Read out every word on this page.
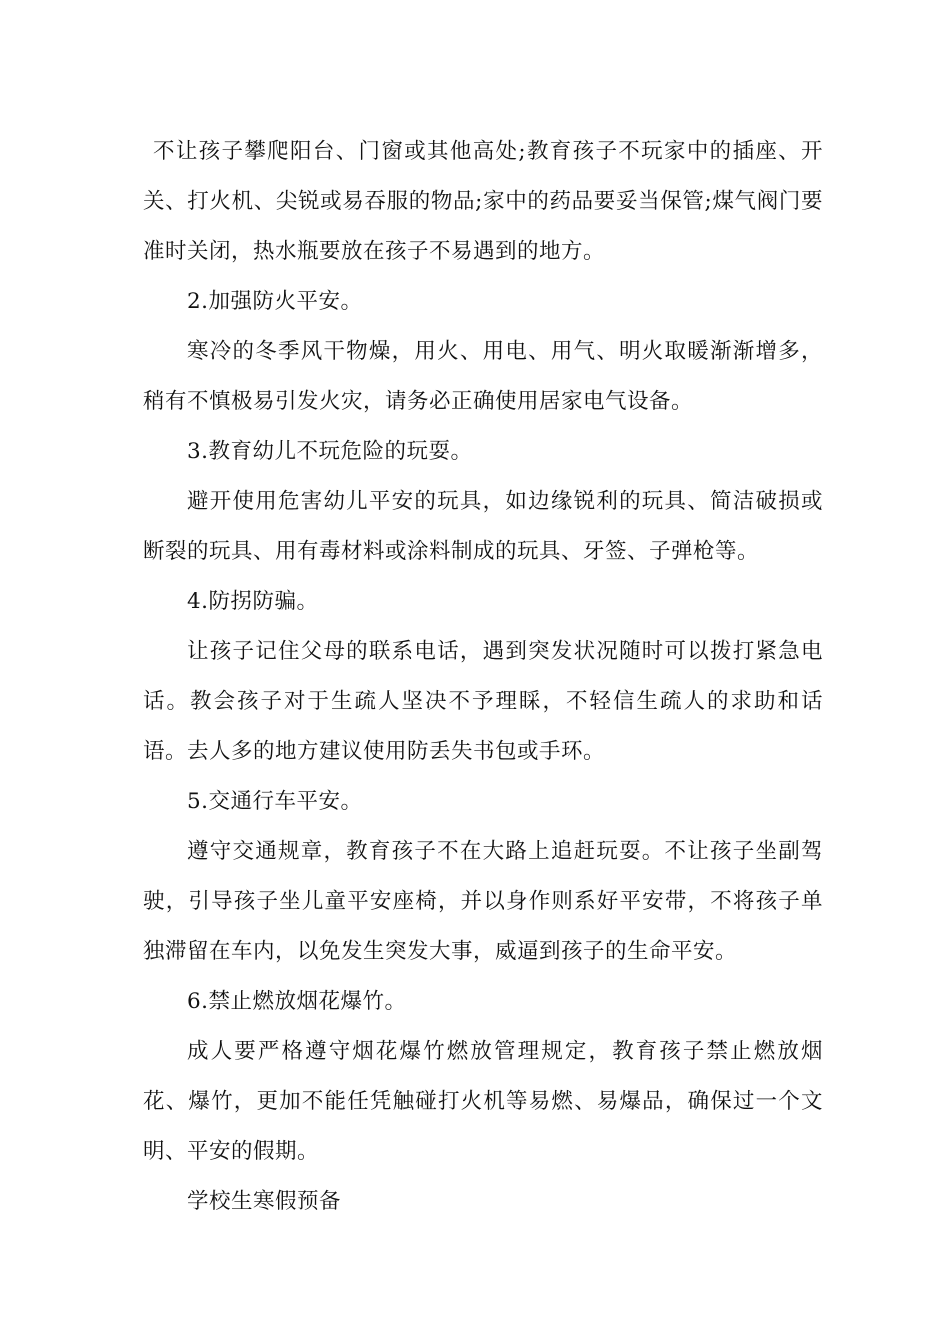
不让孩子攀爬阳台、门窗或其他高处;教育孩子不玩家中的插座、开关、打火机、尖锐或易吞服的物品;家中的药品要妥当保管;煤气阀门要准时关闭，热水瓶要放在孩子不易遇到的地方。

2.加强防火平安。

寒冷的冬季风干物燥，用火、用电、用气、明火取暖渐渐增多，稍有不慎极易引发火灾，请务必正确使用居家电气设备。

3.教育幼儿不玩危险的玩耍。

避开使用危害幼儿平安的玩具，如边缘锐利的玩具、简洁破损或断裂的玩具、用有毒材料或涂料制成的玩具、牙签、子弹枪等。

4.防拐防骗。

让孩子记住父母的联系电话，遇到突发状况随时可以拨打紧急电话。教会孩子对于生疏人坚决不予理睬，不轻信生疏人的求助和话语。去人多的地方建议使用防丢失书包或手环。

5.交通行车平安。

遵守交通规章，教育孩子不在大路上追赶玩耍。不让孩子坐副驾驶，引导孩子坐儿童平安座椅，并以身作则系好平安带，不将孩子单独滞留在车内，以免发生突发大事，威逼到孩子的生命平安。

6.禁止燃放烟花爆竹。

成人要严格遵守烟花爆竹燃放管理规定，教育孩子禁止燃放烟花、爆竹，更加不能任凭触碰打火机等易燃、易爆品，确保过一个文明、平安的假期。

学校生寒假预备
